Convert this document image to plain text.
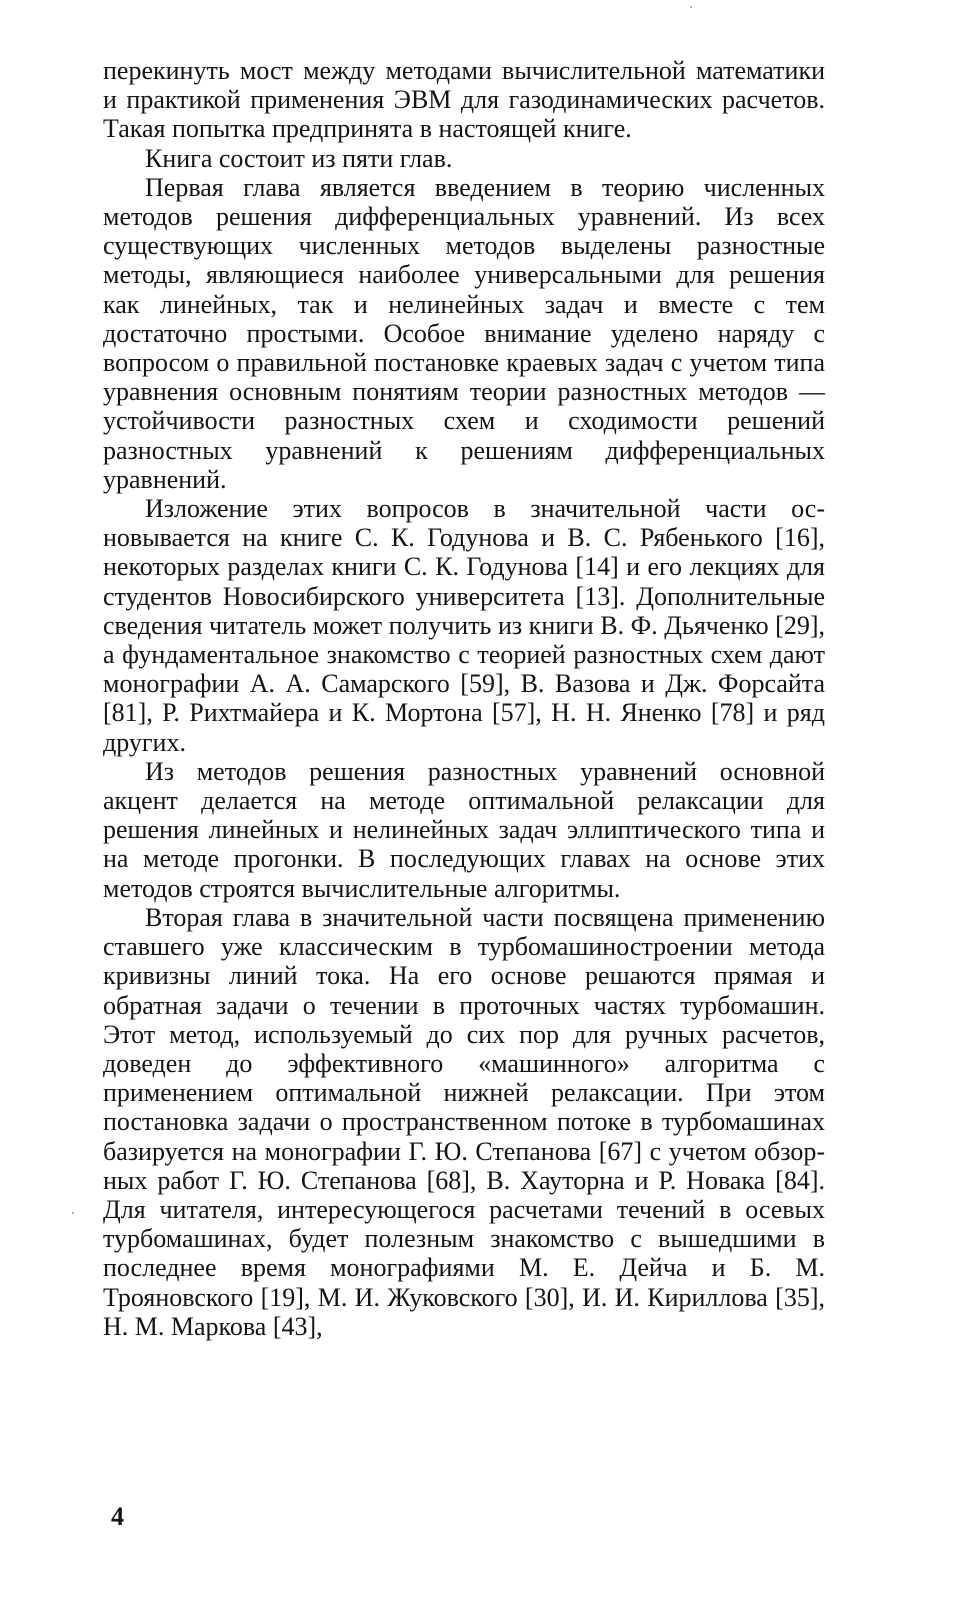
перекинуть мост между методами вычислительной математики и практикой применения ЭВМ для газодинамических расчетов. Такая попытка предпринята в настоящей книге.

Книга состоит из пяти глав.

Первая глава является введением в теорию численных методов решения дифференциальных уравнений. Из всех существующих численных методов выделены разностные методы, являющиеся наиболее универсальными для решения как линейных, так и нелинейных задач и вместе с тем достаточно простыми. Особое внимание уделено наряду с вопросом о правильной постановке краевых задач с учетом типа уравнения основным понятиям теории разностных методов — устойчивости разностных схем и сходимости решений разностных уравнений к решениям дифференциальных уравнений.

Изложение этих вопросов в значительной части основывается на книге С. К. Годунова и В. С. Рябенького [16], некоторых разделах книги С. К. Годунова [14] и его лекциях для студентов Новосибирского университета [13]. Дополнительные сведения читатель может получить из книги В. Ф. Дьяченко [29], а фундаментальное знакомство с теорией разностных схем дают монографии А. А. Самарского [59], В. Вазова и Дж. Форсайта [81], Р. Рихтмайера и К. Мортона [57], Н. Н. Яненко [78] и ряд других.

Из методов решения разностных уравнений основной акцент делается на методе оптимальной релаксации для решения линейных и нелинейных задач эллиптического типа и на методе прогонки. В последующих главах на основе этих методов строятся вычислительные алгоритмы.

Вторая глава в значительной части посвящена применению ставшего уже классическим в турбомашиностроении метода кривизны линий тока. На его основе решаются прямая и обратная задачи о течении в проточных частях турбомашин. Этот метод, используемый до сих пор для ручных расчетов, доведен до эффективного «машинного» алгоритма с применением оптимальной нижней релаксации. При этом постановка задачи о пространственном потоке в турбомашинах базируется на монографии Г. Ю. Степанова [67] с учетом обзорных работ Г. Ю. Степанова [68], В. Хауторна и Р. Новака [84]. Для читателя, интересующегося расчетами течений в осевых турбомашинах, будет полезным знакомство с вышедшими в последнее время монографиями М. Е. Дейча и Б. М. Трояновского [19], М. И. Жуковского [30], И. И. Кириллова [35], Н. М. Маркова [43],

4
